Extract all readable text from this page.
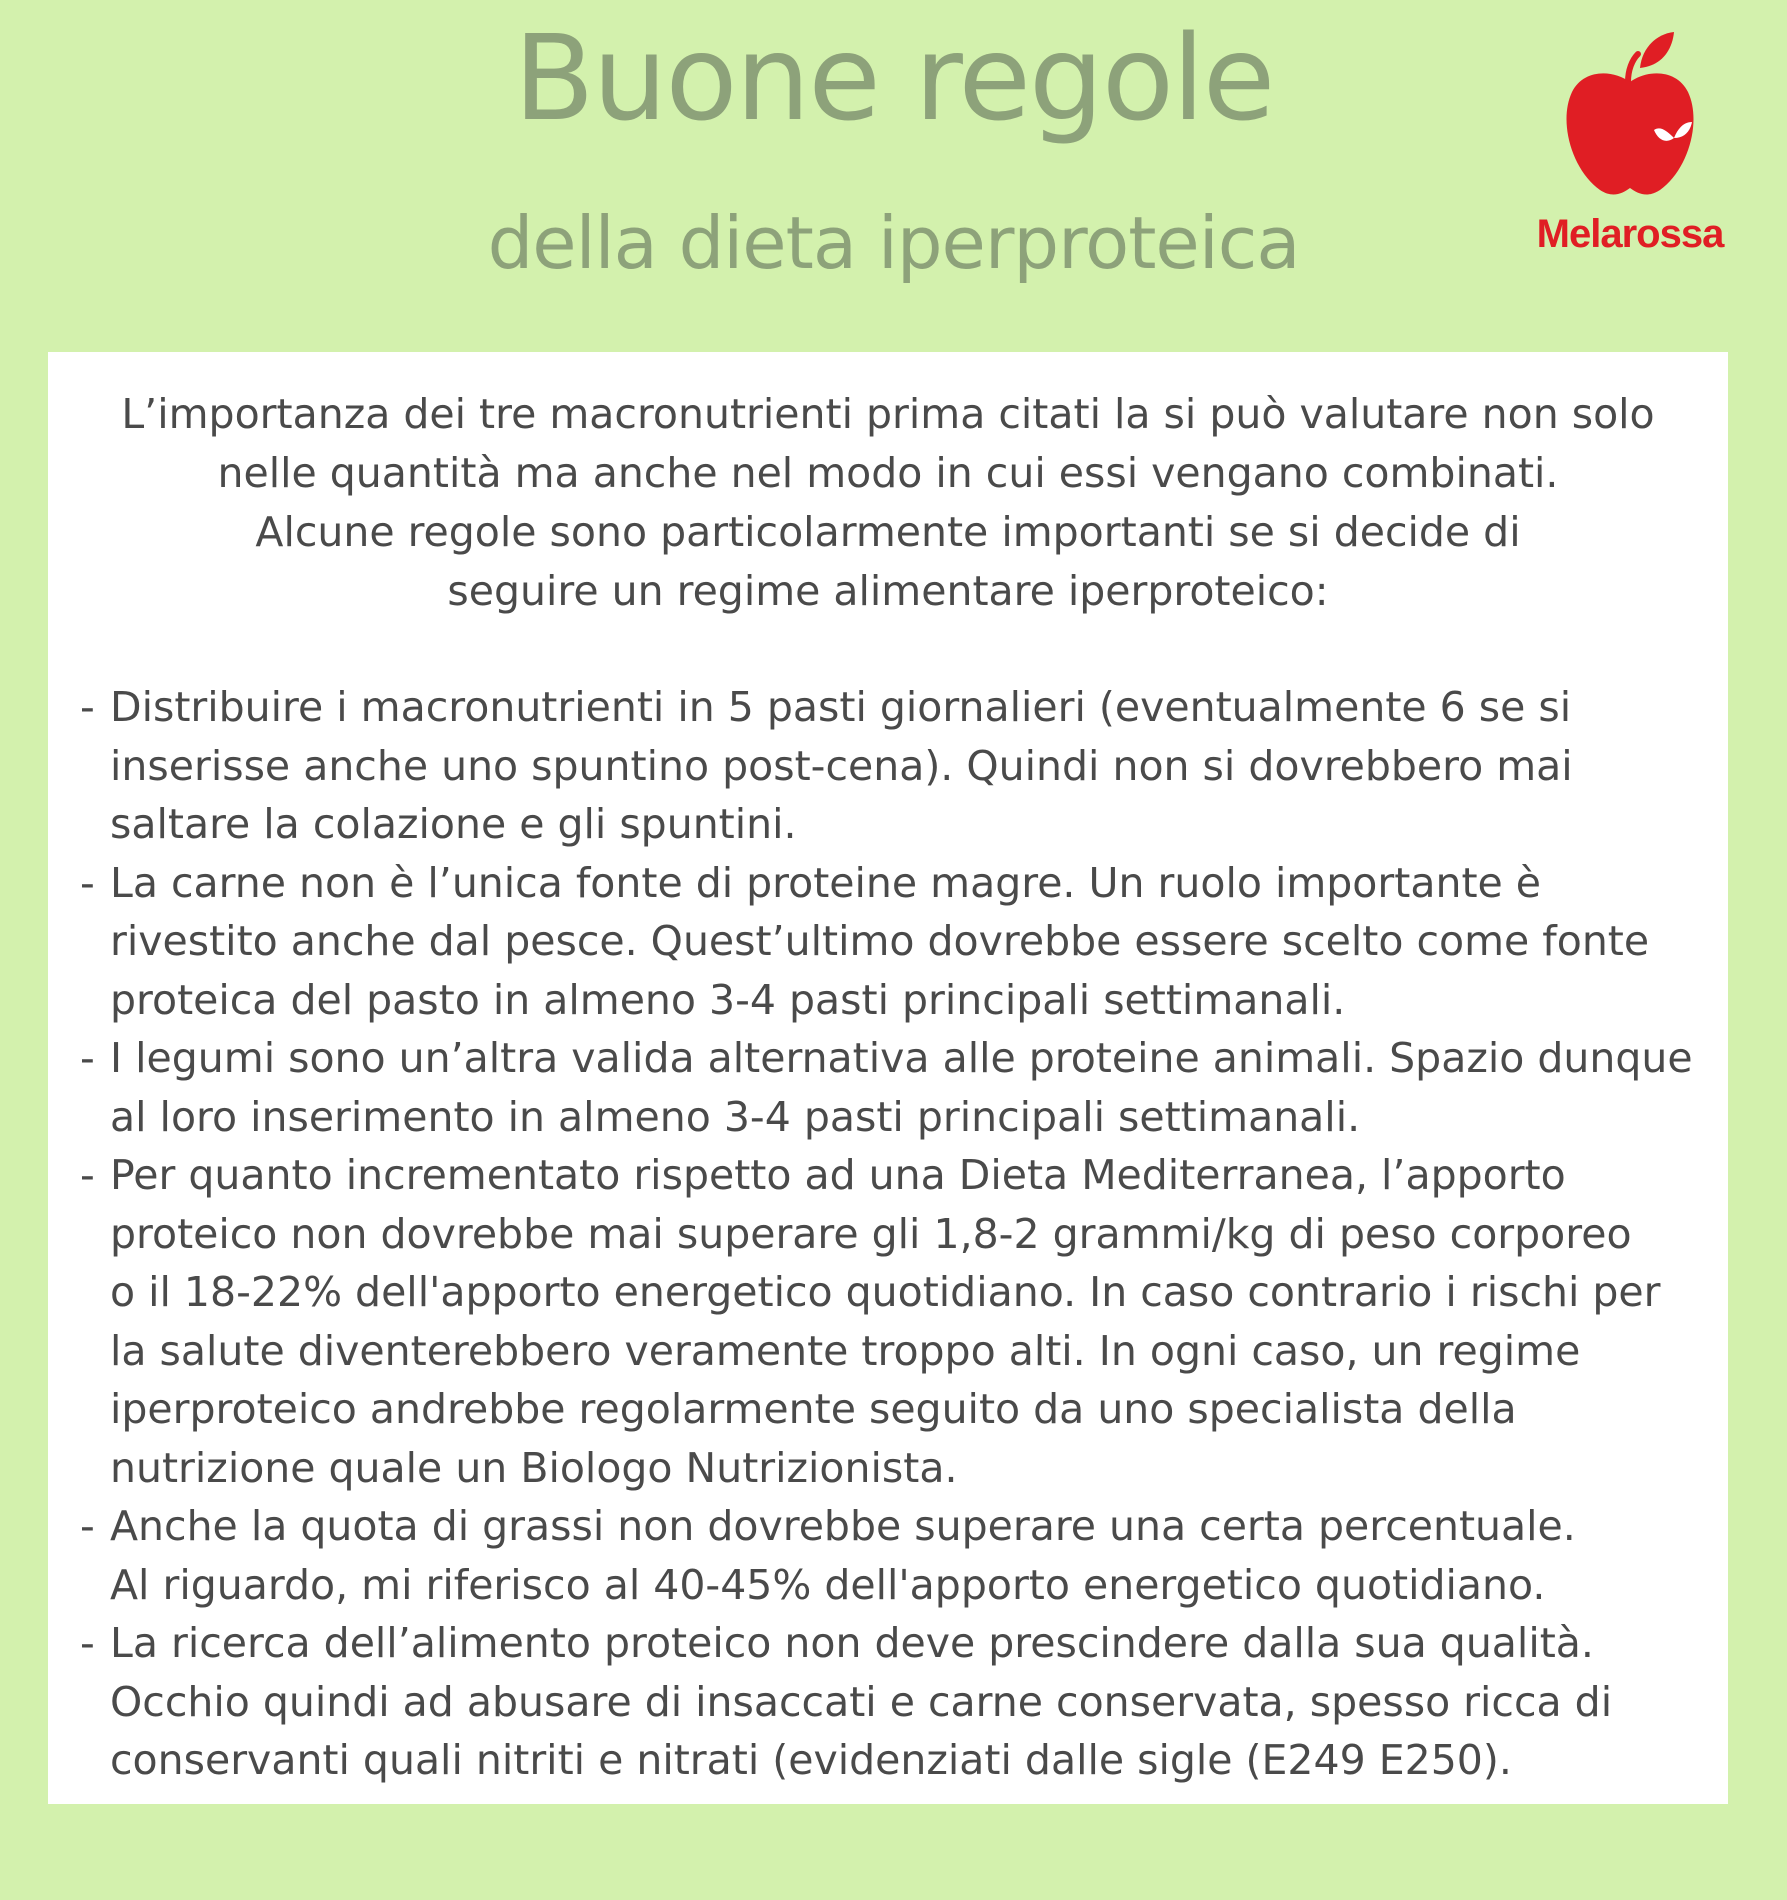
Buone regole
della dieta iperproteica	Melarossa
L’importanza dei tre macronutrienti prima citati la si può valutare non solo
nelle quantità ma anche nel modo in cui essi vengano combinati.
Alcune regole sono particolarmente importanti se si decide di
seguire un regime alimentare iperproteico:
- Distribuire i macronutrienti in 5 pasti giornalieri (eventualmente 6 se si
inserisse anche uno spuntino post-cena). Quindi non si dovrebbero mai
saltare la colazione e gli spuntini.
- La carne non è l’unica fonte di proteine magre. Un ruolo importante è
rivestito anche dal pesce. Quest’ultimo dovrebbe essere scelto come fonte
proteica del pasto in almeno 3-4 pasti principali settimanali.
- I legumi sono un’altra valida alternativa alle proteine animali. Spazio dunque
al loro inserimento in almeno 3-4 pasti principali settimanali.
- Per quanto incrementato rispetto ad una Dieta Mediterranea, l’apporto
proteico non dovrebbe mai superare gli 1,8-2 grammi/kg di peso corporeo
o il 18-22% dell'apporto energetico quotidiano. In caso contrario i rischi per
la salute diventerebbero veramente troppo alti. In ogni caso, un regime
iperproteico andrebbe regolarmente seguito da uno specialista della
nutrizione quale un Biologo Nutrizionista.
- Anche la quota di grassi non dovrebbe superare una certa percentuale.
Al riguardo, mi riferisco al 40-45% dell'apporto energetico quotidiano.
- La ricerca dell’alimento proteico non deve prescindere dalla sua qualità.
Occhio quindi ad abusare di insaccati e carne conservata, spesso ricca di
conservanti quali nitriti e nitrati (evidenziati dalle sigle (E249 E250).
